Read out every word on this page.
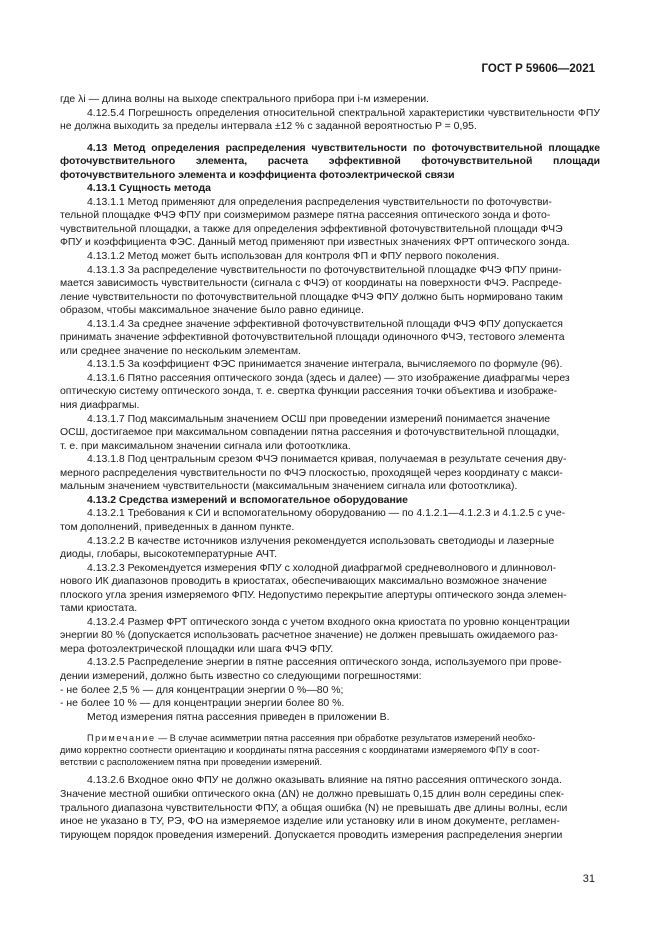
ГОСТ Р 59606—2021

где λi — длина волны на выходе спектрального прибора при i-м измерении.

4.12.5.4 Погрешность определения относительной спектральной характеристики чувствительности ФПУ не должна выходить за пределы интервала ±12 % с заданной вероятностью P = 0,95.

4.13 Метод определения распределения чувствительности по фоточувствительной площадке фоточувствительного элемента, расчета эффективной фоточувствительной площади фоточувствительного элемента и коэффициента фотоэлектрической связи

4.13.1 Сущность метода

4.13.1.1 Метод применяют для определения распределения чувствительности по фоточувстви-
тельной площадке ФЧЭ ФПУ при соизмеримом размере пятна рассеяния оптического зонда и фото-
чувствительной площадки, а также для определения эффективной фоточувствительной площади ФЧЭ
ФПУ и коэффициента ФЭС. Данный метод применяют при известных значениях ФРТ оптического зонда.

4.13.1.2 Метод может быть использован для контроля ФП и ФПУ первого поколения.

4.13.1.3 За распределение чувствительности по фоточувствительной площадке ФЧЭ ФПУ прини-
мается зависимость чувствительности (сигнала с ФЧЭ) от координаты на поверхности ФЧЭ. Распреде-
ление чувствительности по фоточувствительной площадке ФЧЭ ФПУ должно быть нормировано таким
образом, чтобы максимальное значение было равно единице.

4.13.1.4 За среднее значение эффективной фоточувствительной площади ФЧЭ ФПУ допускается
принимать значение эффективной фоточувствительной площади одиночного ФЧЭ, тестового элемента
или среднее значение по нескольким элементам.

4.13.1.5 За коэффициент ФЭС принимается значение интеграла, вычисляемого по формуле (96).

4.13.1.6 Пятно рассеяния оптического зонда (здесь и далее) — это изображение диафрагмы через
оптическую систему оптического зонда, т. е. свертка функции рассеяния точки объектива и изображе-
ния диафрагмы.

4.13.1.7 Под максимальным значением ОСШ при проведении измерений понимается значение
ОСШ, достигаемое при максимальном совпадении пятна рассеяния и фоточувствительной площадки,
т. е. при максимальном значении сигнала или фотоотклика.

4.13.1.8 Под центральным срезом ФЧЭ понимается кривая, получаемая в результате сечения дву-
мерного распределения чувствительности по ФЧЭ плоскостью, проходящей через координату с макси-
мальным значением чувствительности (максимальным значением сигнала или фотоотклика).

4.13.2 Средства измерений и вспомогательное оборудование

4.13.2.1 Требования к СИ и вспомогательному оборудованию — по 4.1.2.1—4.1.2.3 и 4.1.2.5 с уче-
том дополнений, приведенных в данном пункте.

4.13.2.2 В качестве источников излучения рекомендуется использовать светодиоды и лазерные
диоды, глобары, высокотемпературные АЧТ.

4.13.2.3 Рекомендуется измерения ФПУ с холодной диафрагмой средневолнового и длинновол-
нового ИК диапазонов проводить в криостатах, обеспечивающих максимально возможное значение
плоского угла зрения измеряемого ФПУ. Недопустимо перекрытие апертуры оптического зонда элемен-
тами криостата.

4.13.2.4 Размер ФРТ оптического зонда с учетом входного окна криостата по уровню концентрации
энергии 80 % (допускается использовать расчетное значение) не должен превышать ожидаемого раз-
мера фотоэлектрической площадки или шага ФЧЭ ФПУ.

4.13.2.5 Распределение энергии в пятне рассеяния оптического зонда, используемого при прове-
дении измерений, должно быть известно со следующими погрешностями:

- не более 2,5 % — для концентрации энергии 0 %—80 %;

- не более 10 % — для концентрации энергии более 80 %.

Метод измерения пятна рассеяния приведен в приложении В.

Примечание — В случае асимметрии пятна рассеяния при обработке результатов измерений необхо-
димо корректно соотнести ориентацию и координаты пятна рассеяния с координатами измеряемого ФПУ в соот-
ветствии с расположением пятна при проведении измерений.

4.13.2.6 Входное окно ФПУ не должно оказывать влияние на пятно рассеяния оптического зонда.
Значение местной ошибки оптического окна (ΔN) не должно превышать 0,15 длин волн середины спек-
трального диапазона чувствительности ФПУ, а общая ошибка (N) не превышать две длины волны, если
иное не указано в ТУ, РЭ, ФО на измеряемое изделие или установку или в ином документе, регламен-
тирующем порядок проведения измерений. Допускается проводить измерения распределения энергии

31
